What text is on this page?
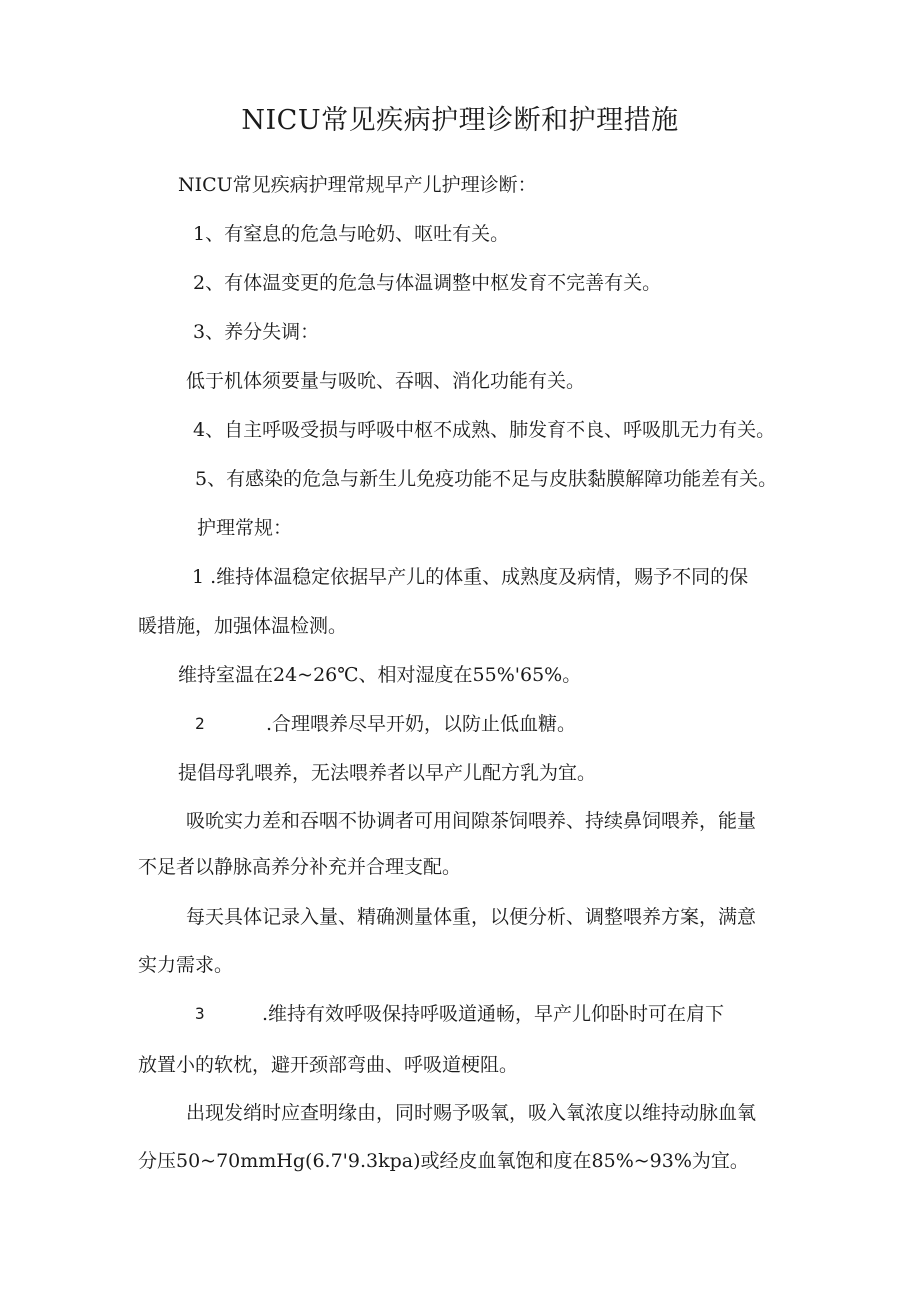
NICU常见疾病护理诊断和护理措施
NICU常见疾病护理常规早产儿护理诊断：
1、有窒息的危急与呛奶、呕吐有关。
2、有体温变更的危急与体温调整中枢发育不完善有关。
3、养分失调：
低于机体须要量与吸吮、吞咽、消化功能有关。
4、自主呼吸受损与呼吸中枢不成熟、肺发育不良、呼吸肌无力有关。
5、有感染的危急与新生儿免疫功能不足与皮肤黏膜解障功能差有关。
护理常规：
1 .维持体温稳定依据早产儿的体重、成熟度及病情，赐予不同的保
暖措施，加强体温检测。
维持室温在24~26℃、相对湿度在55%'65%。
2	.合理喂养尽早开奶，以防止低血糖。
提倡母乳喂养，无法喂养者以早产儿配方乳为宜。
吸吮实力差和吞咽不协调者可用间隙茶饲喂养、持续鼻饲喂养，能量
不足者以静脉高养分补充并合理支配。
每天具体记录入量、精确测量体重，以便分析、调整喂养方案，满意
实力需求。
3	.维持有效呼吸保持呼吸道通畅，早产儿仰卧时可在肩下
放置小的软枕，避开颈部弯曲、呼吸道梗阻。
出现发绡时应查明缘由，同时赐予吸氧，吸入氧浓度以维持动脉血氧
分压50~70mmHg(6.7'9.3kpa)或经皮血氧饱和度在85%~93%为宜。
